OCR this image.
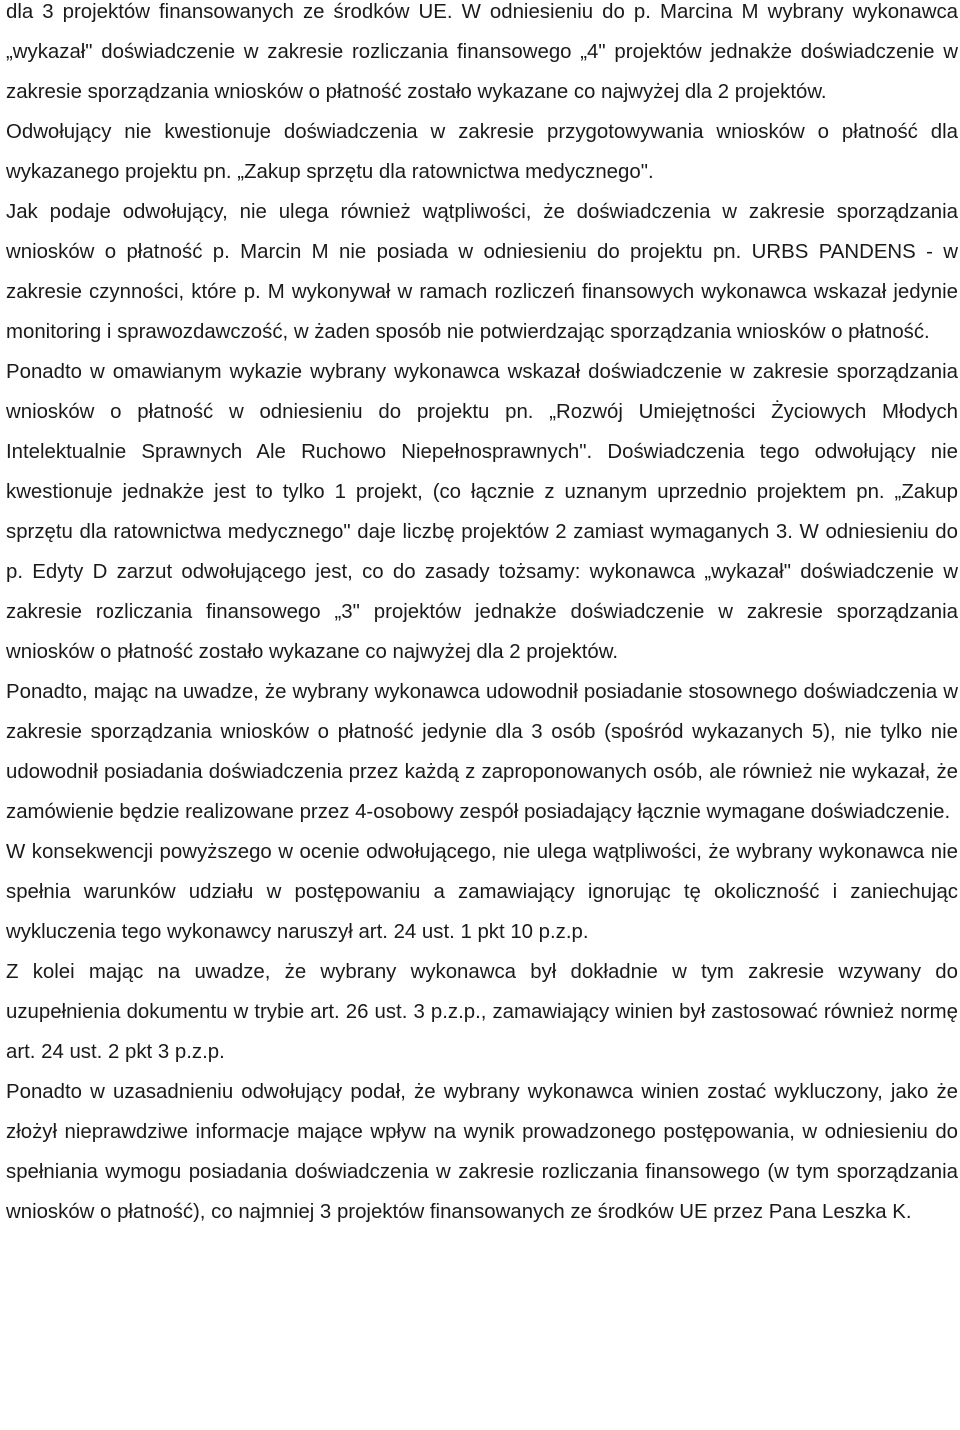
dla 3 projektów finansowanych ze środków UE. W odniesieniu do p. Marcina M wybrany wykonawca „wykazał" doświadczenie w zakresie rozliczania finansowego „4" projektów jednakże doświadczenie w zakresie sporządzania wniosków o płatność zostało wykazane co najwyżej dla 2 projektów.

Odwołujący nie kwestionuje doświadczenia w zakresie przygotowywania wniosków o płatność dla wykazanego projektu pn. „Zakup sprzętu dla ratownictwa medycznego".

Jak podaje odwołujący, nie ulega również wątpliwości, że doświadczenia w zakresie sporządzania wniosków o płatność p. Marcin M nie posiada w odniesieniu do projektu pn. URBS PANDENS - w zakresie czynności, które p. M wykonywał w ramach rozliczeń finansowych wykonawca wskazał jedynie monitoring i sprawozdawczość, w żaden sposób nie potwierdzając sporządzania wniosków o płatność.

Ponadto w omawianym wykazie wybrany wykonawca wskazał doświadczenie w zakresie sporządzania wniosków o płatność w odniesieniu do projektu pn. „Rozwój Umiejętności Życiowych Młodych Intelektualnie Sprawnych Ale Ruchowo Niepełnosprawnych". Doświadczenia tego odwołujący nie kwestionuje jednakże jest to tylko 1 projekt, (co łącznie z uznanym uprzednio projektem pn. „Zakup sprzętu dla ratownictwa medycznego" daje liczbę projektów 2 zamiast wymaganych 3. W odniesieniu do p. Edyty D zarzut odwołującego jest, co do zasady tożsamy: wykonawca „wykazał" doświadczenie w zakresie rozliczania finansowego „3" projektów jednakże doświadczenie w zakresie sporządzania wniosków o płatność zostało wykazane co najwyżej dla 2 projektów.

Ponadto, mając na uwadze, że wybrany wykonawca udowodnił posiadanie stosownego doświadczenia w zakresie sporządzania wniosków o płatność jedynie dla 3 osób (spośród wykazanych 5), nie tylko nie udowodnił posiadania doświadczenia przez każdą z zaproponowanych osób, ale również nie wykazał, że zamówienie będzie realizowane przez 4-osobowy zespół posiadający łącznie wymagane doświadczenie.

W konsekwencji powyższego w ocenie odwołującego, nie ulega wątpliwości, że wybrany wykonawca nie spełnia warunków udziału w postępowaniu a zamawiający ignorując tę okoliczność i zaniechując wykluczenia tego wykonawcy naruszył art. 24 ust. 1 pkt 10 p.z.p.

Z kolei mając na uwadze, że wybrany wykonawca był dokładnie w tym zakresie wzywany do uzupełnienia dokumentu w trybie art. 26 ust. 3 p.z.p., zamawiający winien był zastosować również normę art. 24 ust. 2 pkt 3 p.z.p.

Ponadto w uzasadnieniu odwołujący podał, że wybrany wykonawca winien zostać wykluczony, jako że złożył nieprawdziwe informacje mające wpływ na wynik prowadzonego postępowania, w odniesieniu do spełniania wymogu posiadania doświadczenia w zakresie rozliczania finansowego (w tym sporządzania wniosków o płatność), co najmniej 3 projektów finansowanych ze środków UE przez Pana Leszka K.
